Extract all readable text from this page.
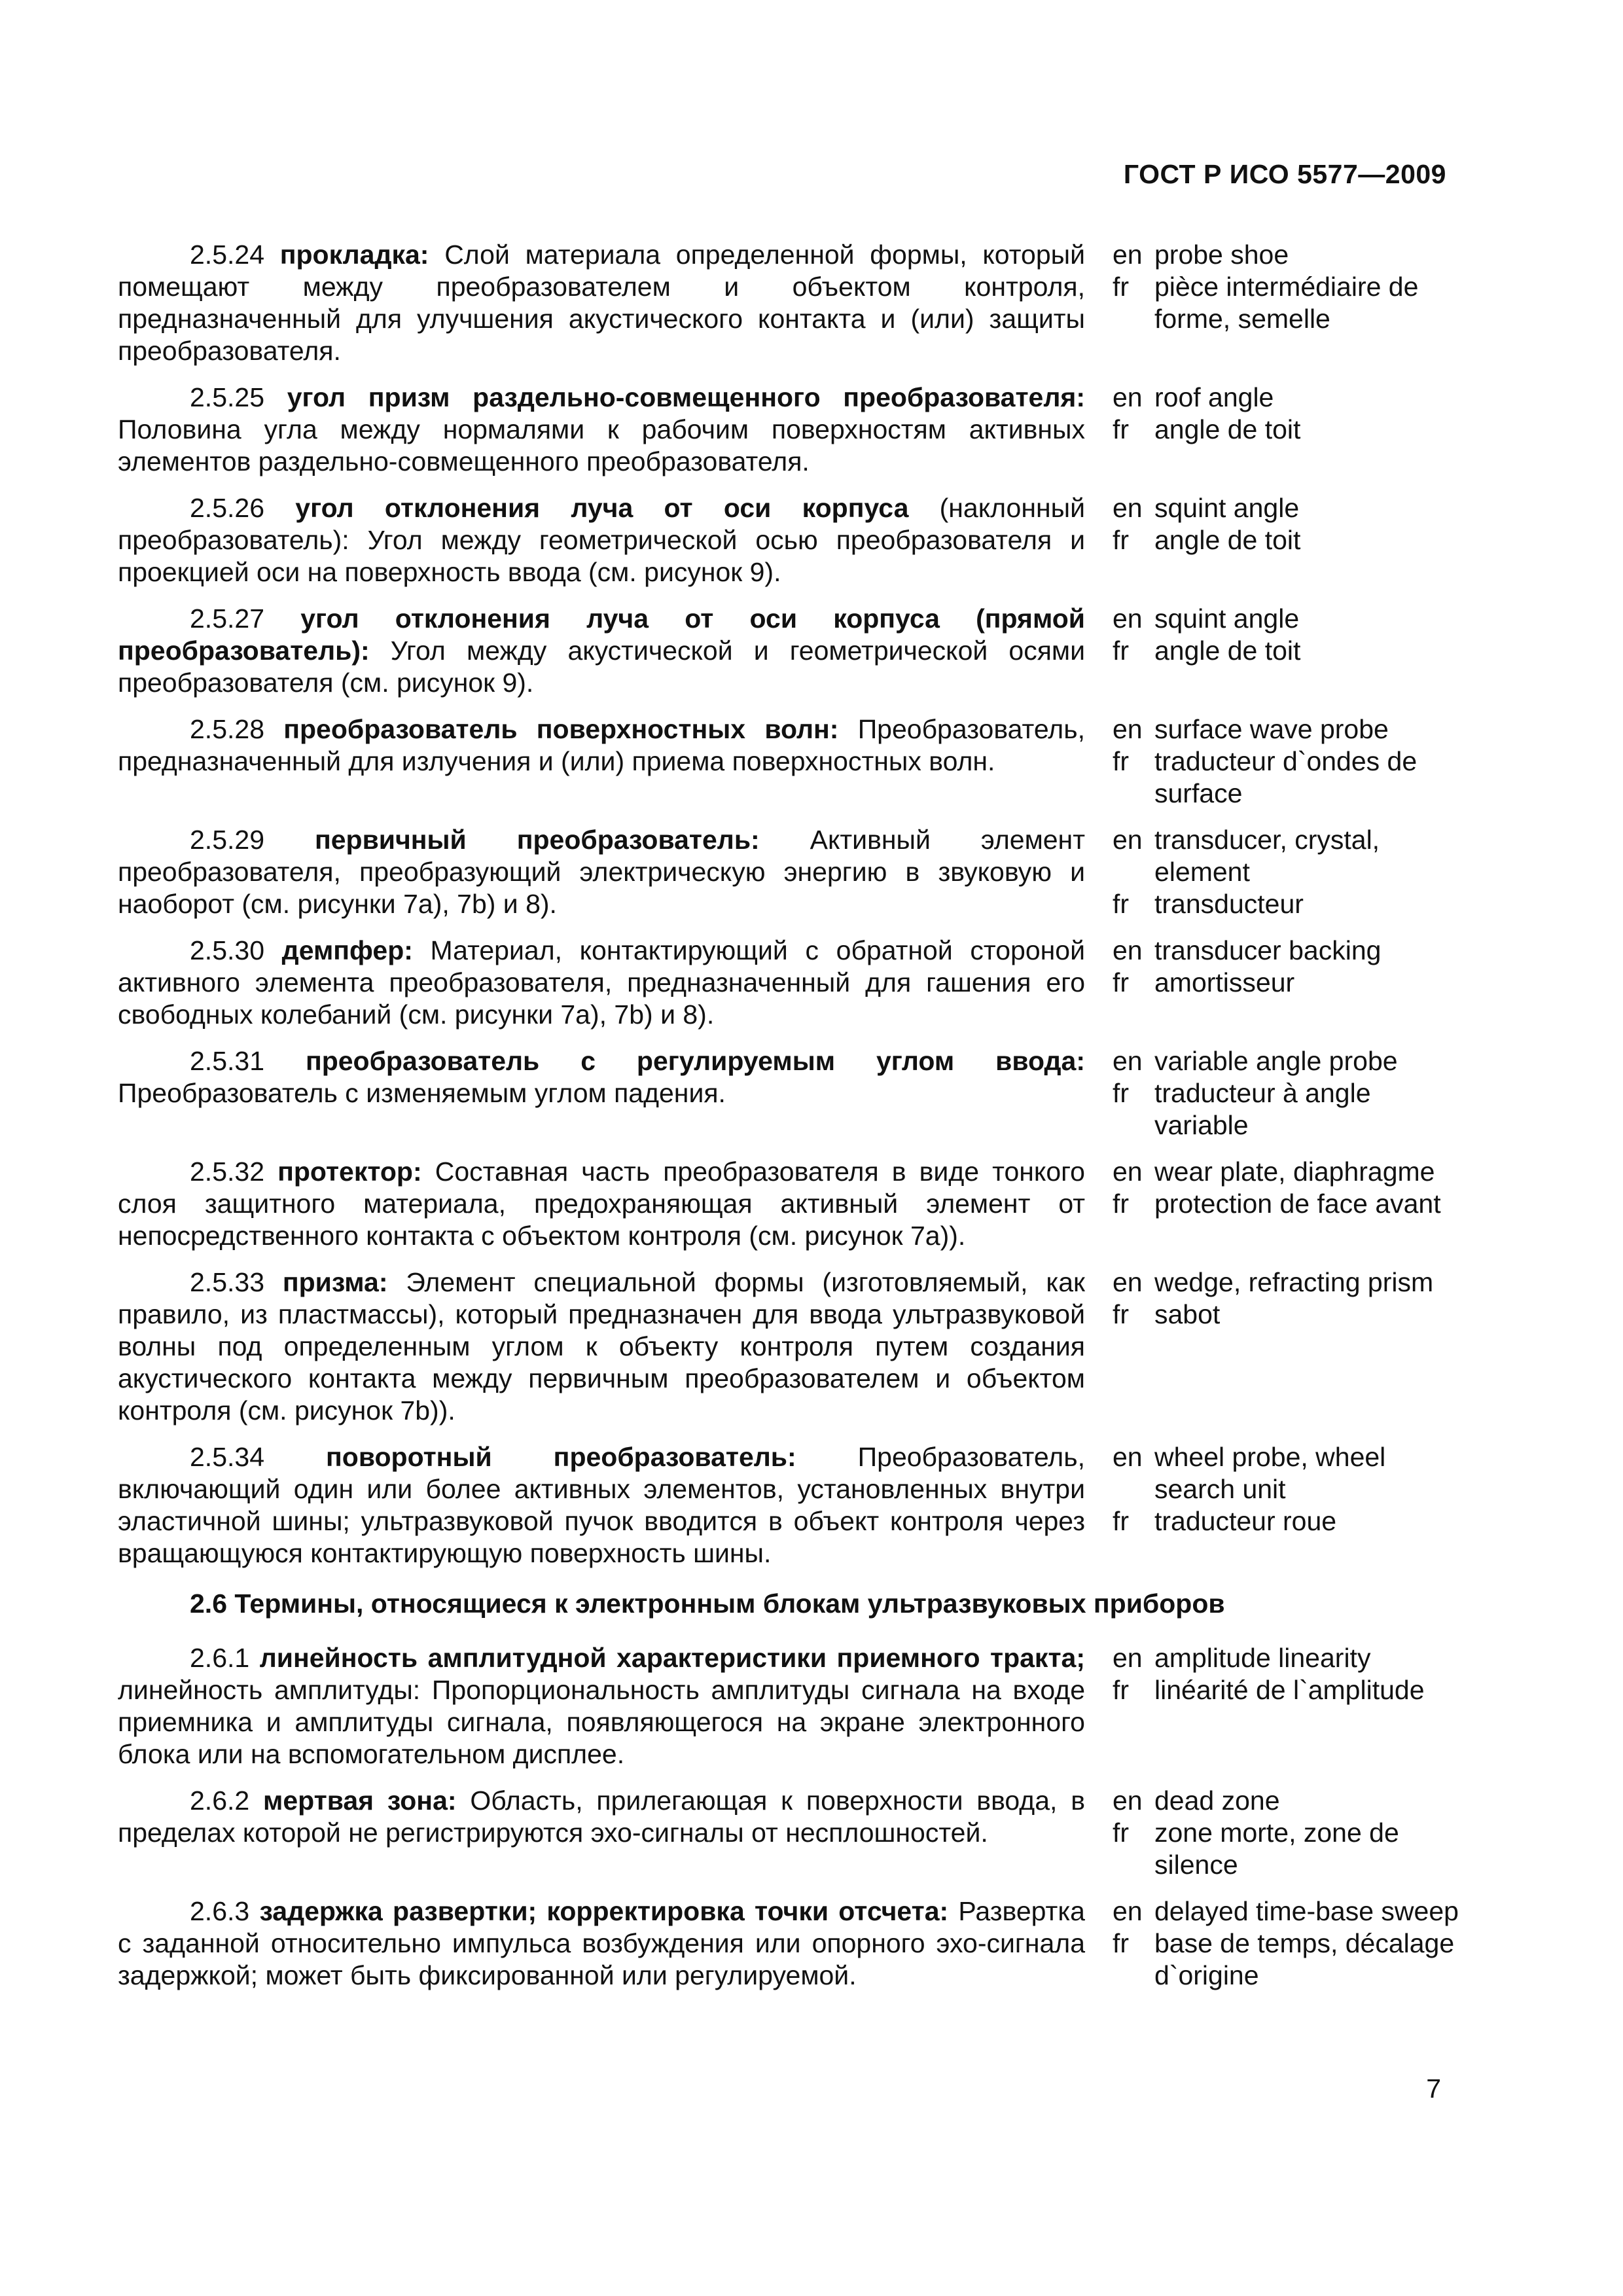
ГОСТ Р ИСО 5577—2009
2.5.24 прокладка: Слой материала определенной формы, который помещают между преобразователем и объектом контроля, предназначенный для улучшения акустического контакта и (или) защиты преобразователя.
en probe shoe
fr pièce intermédiaire de forme, semelle
2.5.25 угол призм раздельно-совмещенного преобразователя: Половина угла между нормалями к рабочим поверхностям активных элементов раздельно-совмещенного преобразователя.
en roof angle
fr angle de toit
2.5.26 угол отклонения луча от оси корпуса (наклонный преобразователь): Угол между геометрической осью преобразователя и проекцией оси на поверхность ввода (см. рисунок 9).
en squint angle
fr angle de toit
2.5.27 угол отклонения луча от оси корпуса (прямой преобразователь): Угол между акустической и геометрической осями преобразователя (см. рисунок 9).
en squint angle
fr angle de toit
2.5.28 преобразователь поверхностных волн: Преобразователь, предназначенный для излучения и (или) приема поверхностных волн.
en surface wave probe
fr traducteur d`ondes de surface
2.5.29 первичный преобразователь: Активный элемент преобразователя, преобразующий электрическую энергию в звуковую и наоборот (см. рисунки 7a), 7b) и 8).
en transducer, crystal, element
fr transducteur
2.5.30 демпфер: Материал, контактирующий с обратной стороной активного элемента преобразователя, предназначенный для гашения его свободных колебаний (см. рисунки 7a), 7b) и 8).
en transducer backing
fr amortisseur
2.5.31 преобразователь с регулируемым углом ввода: Преобразователь с изменяемым углом падения.
en variable angle probe
fr traducteur à angle variable
2.5.32 протектор: Составная часть преобразователя в виде тонкого слоя защитного материала, предохраняющая активный элемент от непосредственного контакта с объектом контроля (см. рисунок 7a)).
en wear plate, diaphragme
fr protection de face avant
2.5.33 призма: Элемент специальной формы (изготовляемый, как правило, из пластмассы), который предназначен для ввода ультразвуковой волны под определенным углом к объекту контроля путем создания акустического контакта между первичным преобразователем и объектом контроля (см. рисунок 7b)).
en wedge, refracting prism
fr sabot
2.5.34 поворотный преобразователь: Преобразователь, включающий один или более активных элементов, установленных внутри эластичной шины; ультразвуковой пучок вводится в объект контроля через вращающуюся контактирующую поверхность шины.
en wheel probe, wheel search unit
fr traducteur roue
2.6 Термины, относящиеся к электронным блокам ультразвуковых приборов
2.6.1 линейность амплитудной характеристики приемного тракта; линейность амплитуды: Пропорциональность амплитуды сигнала на входе приемника и амплитуды сигнала, появляющегося на экране электронного блока или на вспомогательном дисплее.
en amplitude linearity
fr linéarité de l`amplitude
2.6.2 мертвая зона: Область, прилегающая к поверхности ввода, в пределах которой не регистрируются эхо-сигналы от несплошностей.
en dead zone
fr zone morte, zone de silence
2.6.3 задержка развертки; корректировка точки отсчета: Развертка с заданной относительно импульса возбуждения или опорного эхо-сигнала задержкой; может быть фиксированной или регулируемой.
en delayed time-base sweep
fr base de temps, décalage d`origine
7
